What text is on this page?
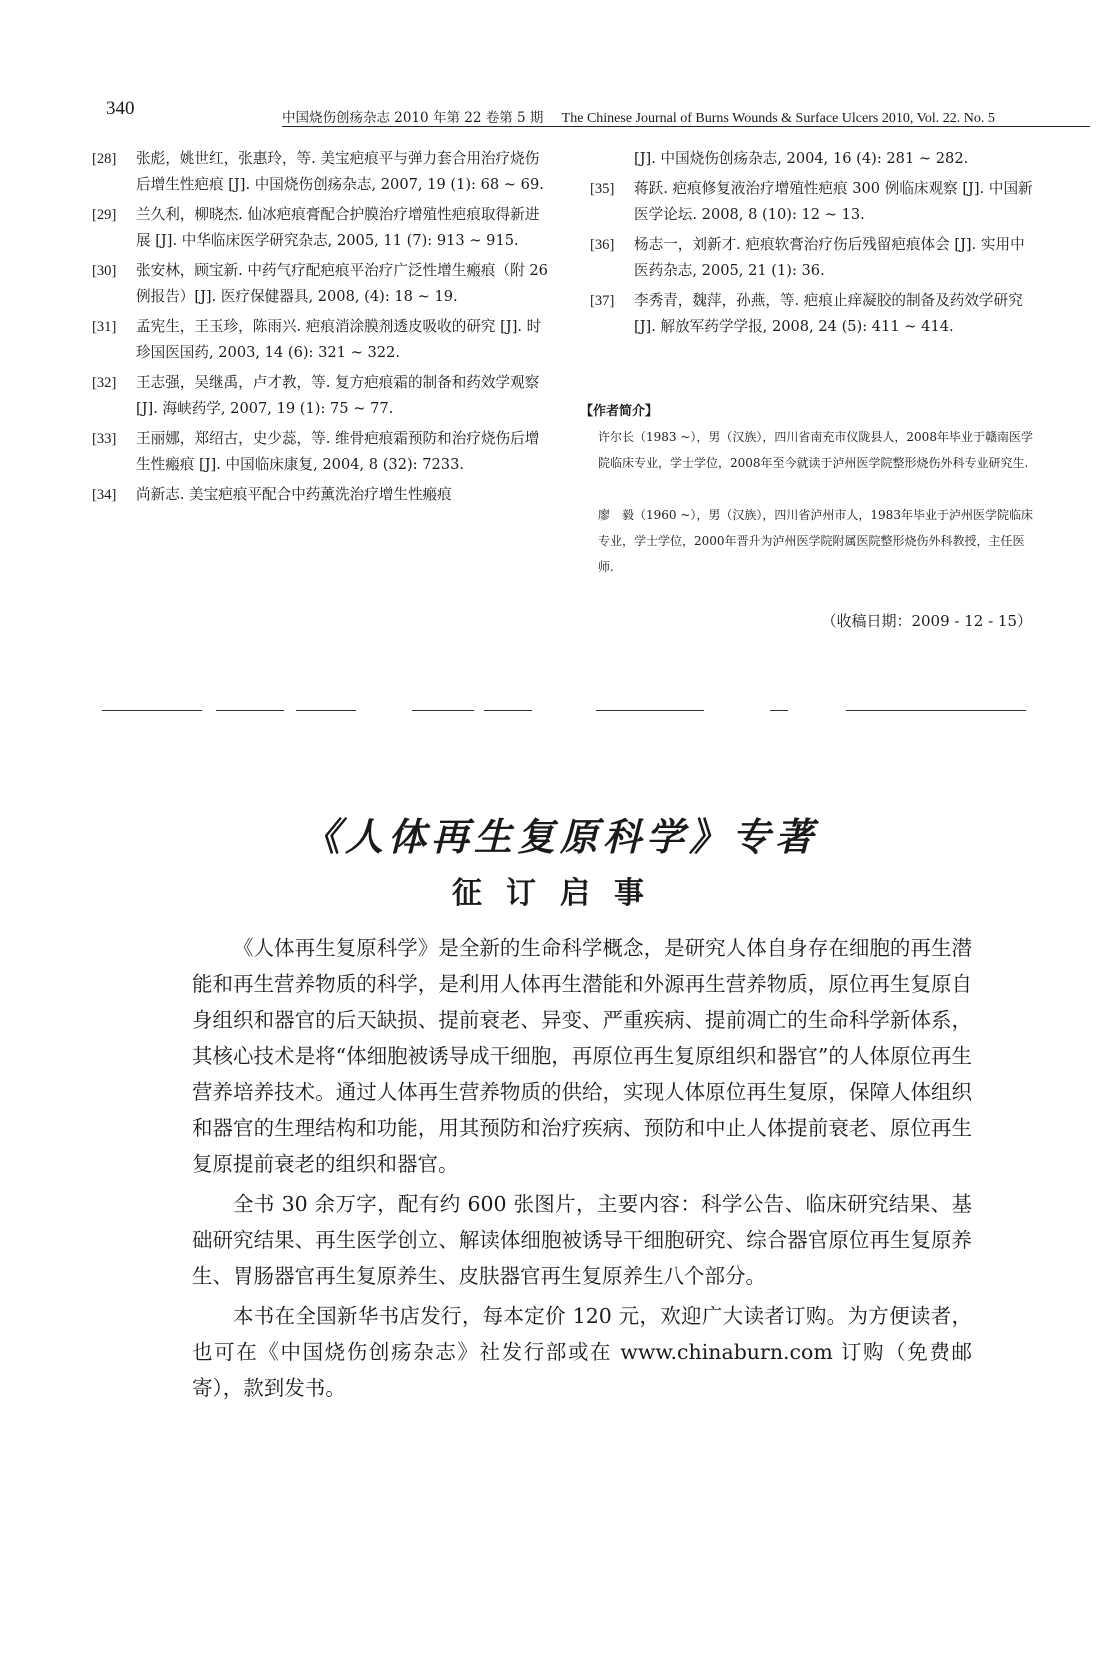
340	中国烧伤创疡杂志 2010 年第 22 卷第 5 期 The Chinese Journal of Burns Wounds & Surface Ulcers 2010, Vol. 22. No. 5
[28] 张彪，姚世红，张惠玲，等. 美宝疤痕平与弹力套合用治疗烧伤后增生性疤痕 [J]. 中国烧伤创疡杂志, 2007, 19 (1): 68 ~ 69.
[29] 兰久利，柳晓杰. 仙冰疤痕膏配合护膜治疗增殖性疤痕取得新进展 [J]. 中华临床医学研究杂志, 2005, 11 (7): 913 ~ 915.
[30] 张安林，顾宝新. 中药气疗配疤痕平治疗广泛性增生瘢痕（附 26 例报告）[J]. 医疗保健器具, 2008, (4): 18 ~ 19.
[31] 孟宪生，王玉珍，陈雨兴. 疤痕消涂膜剂透皮吸收的研究 [J]. 时珍国医国药, 2003, 14 (6): 321 ~ 322.
[32] 王志强，吴继禹，卢才教，等. 复方疤痕霜的制备和药效学观察 [J]. 海峡药学, 2007, 19 (1): 75 ~ 77.
[33] 王丽娜，郑绍古，史少蕊，等. 维骨疤痕霜预防和治疗烧伤后增生性瘢痕 [J]. 中国临床康复, 2004, 8 (32): 7233.
[34] 尚新志. 美宝疤痕平配合中药薰洗治疗增生性瘢痕
[J]. 中国烧伤创疡杂志, 2004, 16 (4): 281 ~ 282.
[35] 蒋跃. 疤痕修复液治疗增殖性疤痕 300 例临床观察 [J]. 中国新医学论坛. 2008, 8 (10): 12 ~ 13.
[36] 杨志一，刘新才. 疤痕软膏治疗伤后残留疤痕体会 [J]. 实用中医药杂志, 2005, 21 (1): 36.
[37] 李秀青，魏萍，孙燕，等. 疤痕止痒凝胶的制备及药效学研究 [J]. 解放军药学学报, 2008, 24 (5): 411 ~ 414.
【作者简介】
许尔长（1983 ~），男（汉族），四川省南充市仪陇县人，2008年毕业于赣南医学院临床专业，学士学位，2008年至今就读于泸州医学院整形烧伤外科专业研究生.
廖　毅（1960 ~），男（汉族），四川省泸州市人，1983年毕业于泸州医学院临床专业，学士学位，2000年晋升为泸州医学院附属医院整形烧伤外科教授，主任医师.
（收稿日期：2009 - 12 - 15）
《人体再生复原科学》专著
征订启事

《人体再生复原科学》是全新的生命科学概念，是研究人体自身存在细胞的再生潜能和再生营养物质的科学，是利用人体再生潜能和外源再生营养物质，原位再生复原自身组织和器官的后天缺损、提前衰老、异变、严重疾病、提前凋亡的生命科学新体系，其核心技术是将“体细胞被诱导成干细胞，再原位再生复原组织和器官”的人体原位再生营养培养技术。通过人体再生营养物质的供给，实现人体原位再生复原，保障人体组织和器官的生理结构和功能，用其预防和治疗疾病、预防和中止人体提前衰老、原位再生复原提前衰老的组织和器官。

全书 30 余万字，配有约 600 张图片，主要内容：科学公告、临床研究结果、基础研究结果、再生医学创立、解读体细胞被诱导干细胞研究、综合器官原位再生复原养生、胃肠器官再生复原养生、皮肤器官再生复原养生八个部分。

本书在全国新华书店发行，每本定价 120 元，欢迎广大读者订购。为方便读者，也可在《中国烧伤创疡杂志》社发行部或在 www.chinaburn.com 订购（免费邮寄），款到发书。
